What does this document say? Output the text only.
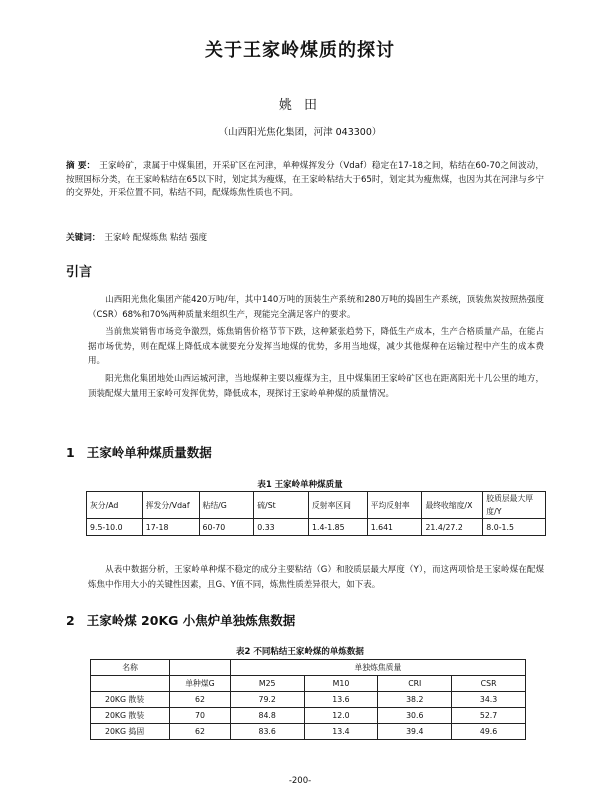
关于王家岭煤质的探讨
姚 田
（山西阳光焦化集团，河津 043300）
摘 要： 王家岭矿，隶属于中煤集团，开采矿区在河津，单种煤挥发分（Vdaf）稳定在17-18之间，粘结在60-70之间波动，按照国标分类，在王家岭粘结在65以下时，划定其为瘦煤，在王家岭粘结大于65时，划定其为瘦焦煤，也因为其在河津与乡宁的交界处，开采位置不同，粘结不同，配煤炼焦性质也不同。
关键词： 王家岭 配煤炼焦 粘结 强度
引言
山西阳光焦化集团产能420万吨/年，其中140万吨的顶装生产系统和280万吨的捣固生产系统，顶装焦炭按照热强度（CSR）68%和70%两种质量来组织生产，现能完全满足客户的要求。
当前焦炭销售市场竞争激烈，炼焦销售价格节节下跌，这种紧张趋势下，降低生产成本，生产合格质量产品，在能占据市场优势，则在配煤上降低成本就要充分发挥当地煤的优势，多用当地煤，减少其他煤种在运输过程中产生的成本费用。
阳光焦化集团地处山西运城河津，当地煤种主要以瘦煤为主，且中煤集团王家岭矿区也在距离阳光十几公里的地方，顶装配煤大量用王家岭可发挥优势，降低成本，现探讨王家岭单种煤的质量情况。
1 王家岭单种煤质量数据
表1 王家岭单种煤质量
灰分/Ad	挥发分/Vdaf	粘结/G	硫/St	反射率区间	平均反射率	最终收缩度/X	胶质层最大厚度/Y
9.5-10.0	17-18	60-70	0.33	1.4-1.85	1.641	21.4/27.2	8.0-1.5
从表中数据分析，王家岭单种煤不稳定的成分主要粘结（G）和胶质层最大厚度（Y），而这两项恰是王家岭煤在配煤炼焦中作用大小的关键性因素，且G、Y值不同，炼焦性质差异很大，如下表。
2 王家岭煤 20KG 小焦炉单独炼焦数据
表2 不同粘结王家岭煤的单炼数据
名称		单独炼焦质量			
	单种煤G	M25	M10	CRI	CSR
20KG 散装	62	79.2	13.6	38.2	34.3
20KG 散装	70	84.8	12.0	30.6	52.7
20KG 捣固	62	83.6	13.4	39.4	49.6
-200-
